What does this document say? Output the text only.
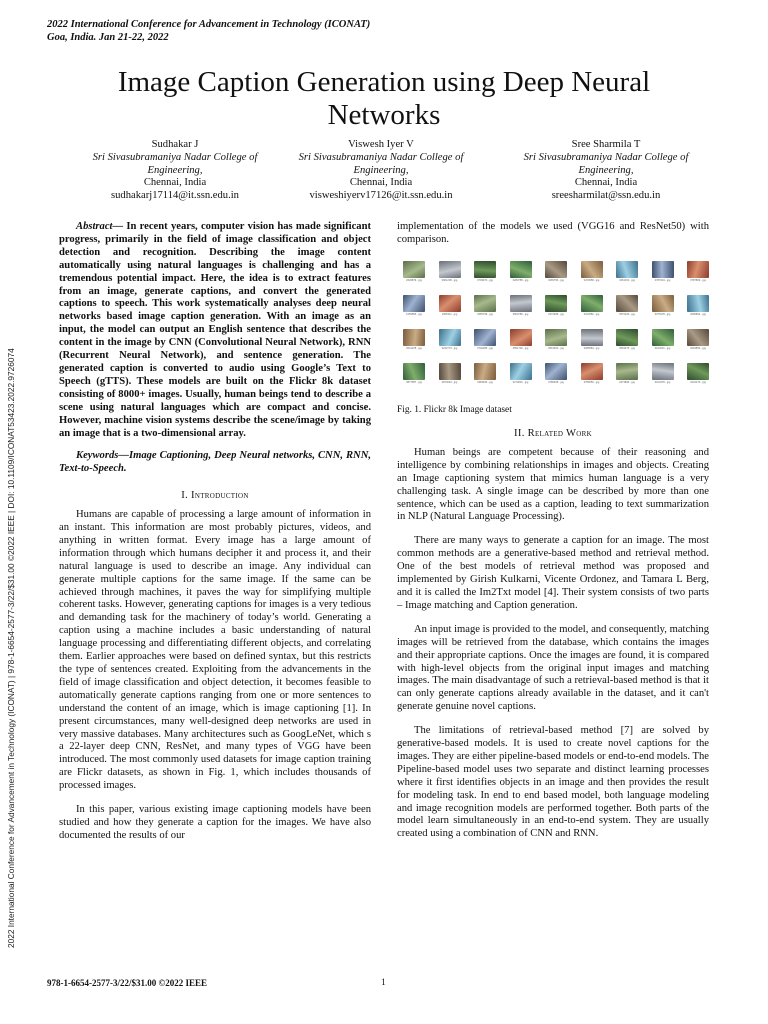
2022 International Conference for Advancement in Technology (ICONAT)
Goa, India. Jan 21-22, 2022
2022 International Conference for Advancement in Technology (ICONAT) | 978-1-6654-2577-3/22/$31.00 ©2022 IEEE | DOI: 10.1109/ICONAT53423.2022.9726074
Image Caption Generation using Deep Neural Networks
Sudhakar J
Sri Sivasubramaniya Nadar College of
Engineering,
Chennai, India
sudhakarj17114@it.ssn.edu.in
Viswesh Iyer V
Sri Sivasubramaniya Nadar College of
Engineering,
Chennai, India
visweshiyerv17126@it.ssn.edu.in
Sree Sharmila T
Sri Sivasubramaniya Nadar College of
Engineering,
Chennai, India
sreesharmilat@ssn.edu.in

Abstract— In recent years, computer vision has made significant progress, primarily in the field of image classification and object detection and recognition. Describing the image content automatically using natural languages is challenging and has a tremendous potential impact. Here, the idea is to extract features from an image, generate captions, and convert the generated captions to speech. This work systematically analyses deep neural networks based image caption generation. With an image as an input, the model can output an English sentence that describes the content in the image by CNN (Convolutional Neural Network), RNN (Recurrent Neural Network), and sentence generation. The generated caption is converted to audio using Google’s Text to Speech (gTTS). These models are built on the Flickr 8k dataset consisting of 8000+ images. Usually, human beings tend to describe a scene using natural languages which are compact and concise. However, machine vision systems describe the scene/image by taking an image that is a two-dimensional array.

Keywords—Image Captioning, Deep Neural networks, CNN, RNN, Text-to-Speech.

I. Introduction

Humans are capable of processing a large amount of information in an instant. This information are most probably pictures, videos, and anything in written format. Every image has a large amount of information through which humans decipher it and process it, and their natural language is used to describe an image. Any individual can generate multiple captions for the same image. If the same can be achieved through machines, it paves the way for simplifying multiple coherent tasks. However, generating captions for images is a very tedious and demanding task for the machinery of today’s world. Generating a caption using a machine includes a basic understanding of natural language processing and differentiating different objects, and correlating them. Earlier approaches were based on defined syntax, but this restricts the type of sentences created. Exploiting from the advancements in the field of image classification and object detection, it becomes feasible to automatically generate captions ranging from one or more sentences to understand the content of an image, which is image captioning [1]. In present circumstances, many well-designed deep networks are used in very massive databases. Many architectures such as GoogLeNet, which s a 22-layer deep CNN, ResNet, and many types of VGG have been introduced. The most commonly used datasets for image caption training are Flickr datasets, as shown in Fig. 1, which includes thousands of processed images.

In this paper, various existing image captioning models have been studied and how they generate a caption for the images. We have also documented the results of our

implementation of the models we used (VGG16 and ResNet50) with comparison.

2646879...jpg	3661238...jpg	3709970...jpg	3283785...jpg	3265766...jpg	3473958...jpg	3461331...jpg	3787024...jpg	3787809...jpg
1055895...jpg	1005311...jpg	3265799...jpg	3500780...jpg	3372489...jpg	3013582...jpg	3570220...jpg	3075478...jpg	3096802...jpg
3641078...jpg	3242773...jpg	3702285...jpg	3551702...jpg	3519452...jpg	3286584...jpg	3563475...jpg	3104521...jpg	3094852...jpg
3877587...jpg	3873294...jpg	3383932...jpg	3274831...jpg	3786408...jpg	3785650...jpg	3473896...jpg	3613378...jpg	3234270...jpg
Fig. 1. Flickr 8k Image dataset

II. Related Work

Human beings are competent because of their reasoning and intelligence by combining relationships in images and objects. Creating an Image captioning system that mimics human language is a very challenging task. A single image can be described by more than one sentence, which can be used as a caption, leading to text summarization in NLP (Natural Language Processing).

There are many ways to generate a caption for an image. The most common methods are a generative-based method and retrieval method. One of the best models of retrieval method was proposed and implemented by Girish Kulkarni, Vicente Ordonez, and Tamara L Berg, and it is called the Im2Txt model [4]. Their system consists of two parts – Image matching and Caption generation.

An input image is provided to the model, and consequently, matching images will be retrieved from the database, which contains the images and their appropriate captions. Once the images are found, it is compared with high-level objects from the original input images and matching images. The main disadvantage of such a retrieval-based method is that it can only generate captions already available in the dataset, and it can't generate genuine novel captions.

The limitations of retrieval-based method [7] are solved by generative-based models. It is used to create novel captions for the images. They are either pipeline-based models or end-to-end models. The Pipeline-based model uses two separate and distinct learning processes where it first identifies objects in an image and then provides the result for modeling task. In end to end based model, both language modeling and image recognition models are performed together. Both parts of the model learn simultaneously in an end-to-end system. They are usually created using a combination of CNN and RNN.

978-1-6654-2577-3/22/$31.00 ©2022 IEEE	1
